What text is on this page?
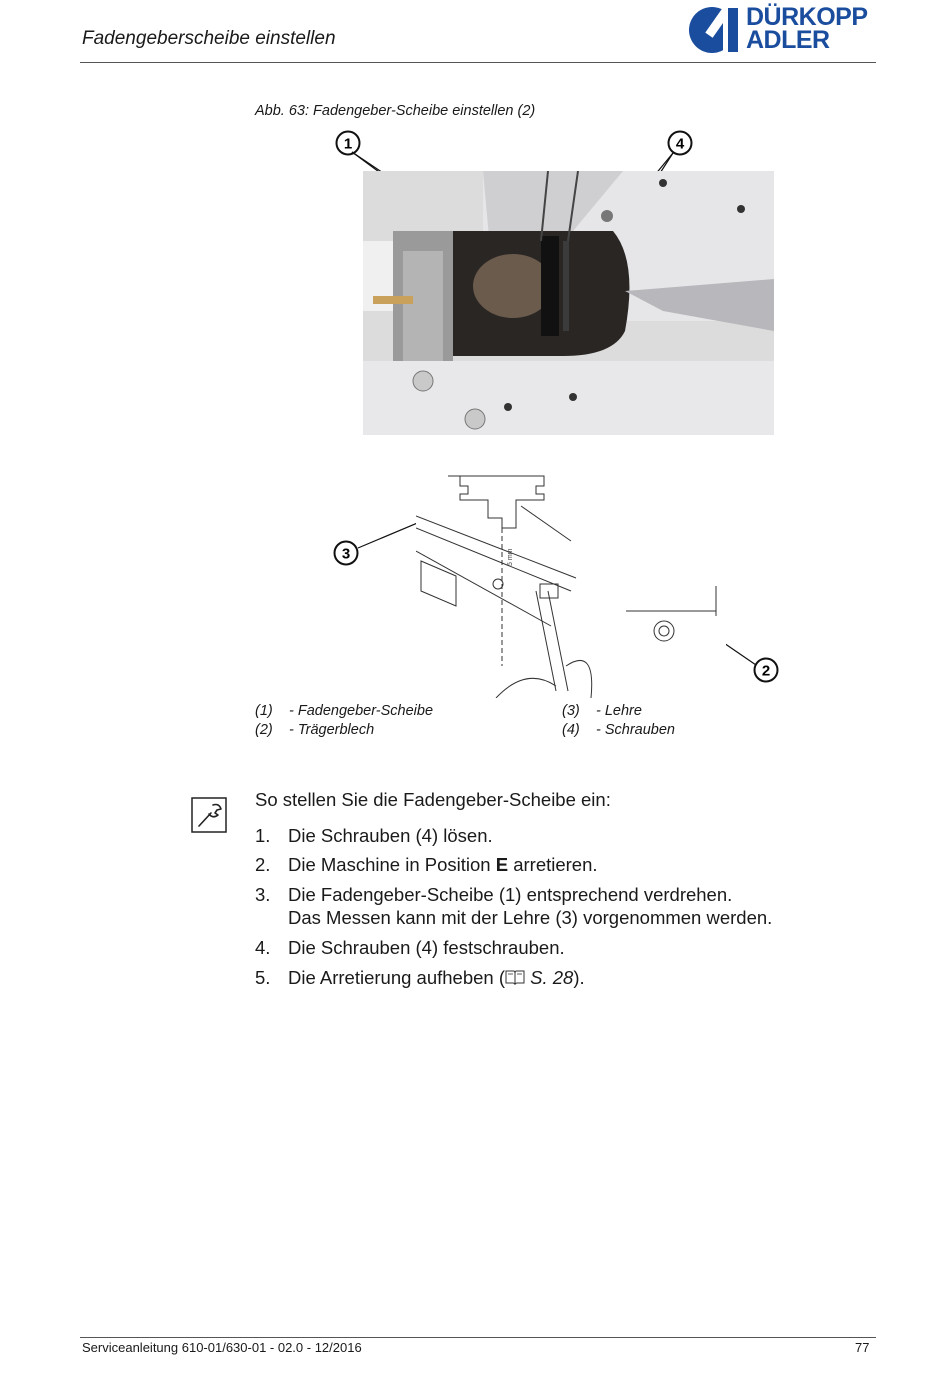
Fadengeberscheibe einstellen
DÜRKOPP
ADLER
Abb. 63: Fadengeber-Scheibe einstellen (2)
1	4
3
2
5 mm
(1) - Fadengeber-Scheibe
(2) - Trägerblech
(3) - Lehre
(4) - Schrauben
So stellen Sie die Fadengeber-Scheibe ein:
1. Die Schrauben (4) lösen.
2. Die Maschine in Position E arretieren.
3. Die Fadengeber-Scheibe (1) entsprechend verdrehen.
Das Messen kann mit der Lehre (3) vorgenommen werden.
4. Die Schrauben (4) festschrauben.
5. Die Arretierung aufheben ( S. 28).
Serviceanleitung 610-01/630-01 - 02.0 - 12/2016	77
